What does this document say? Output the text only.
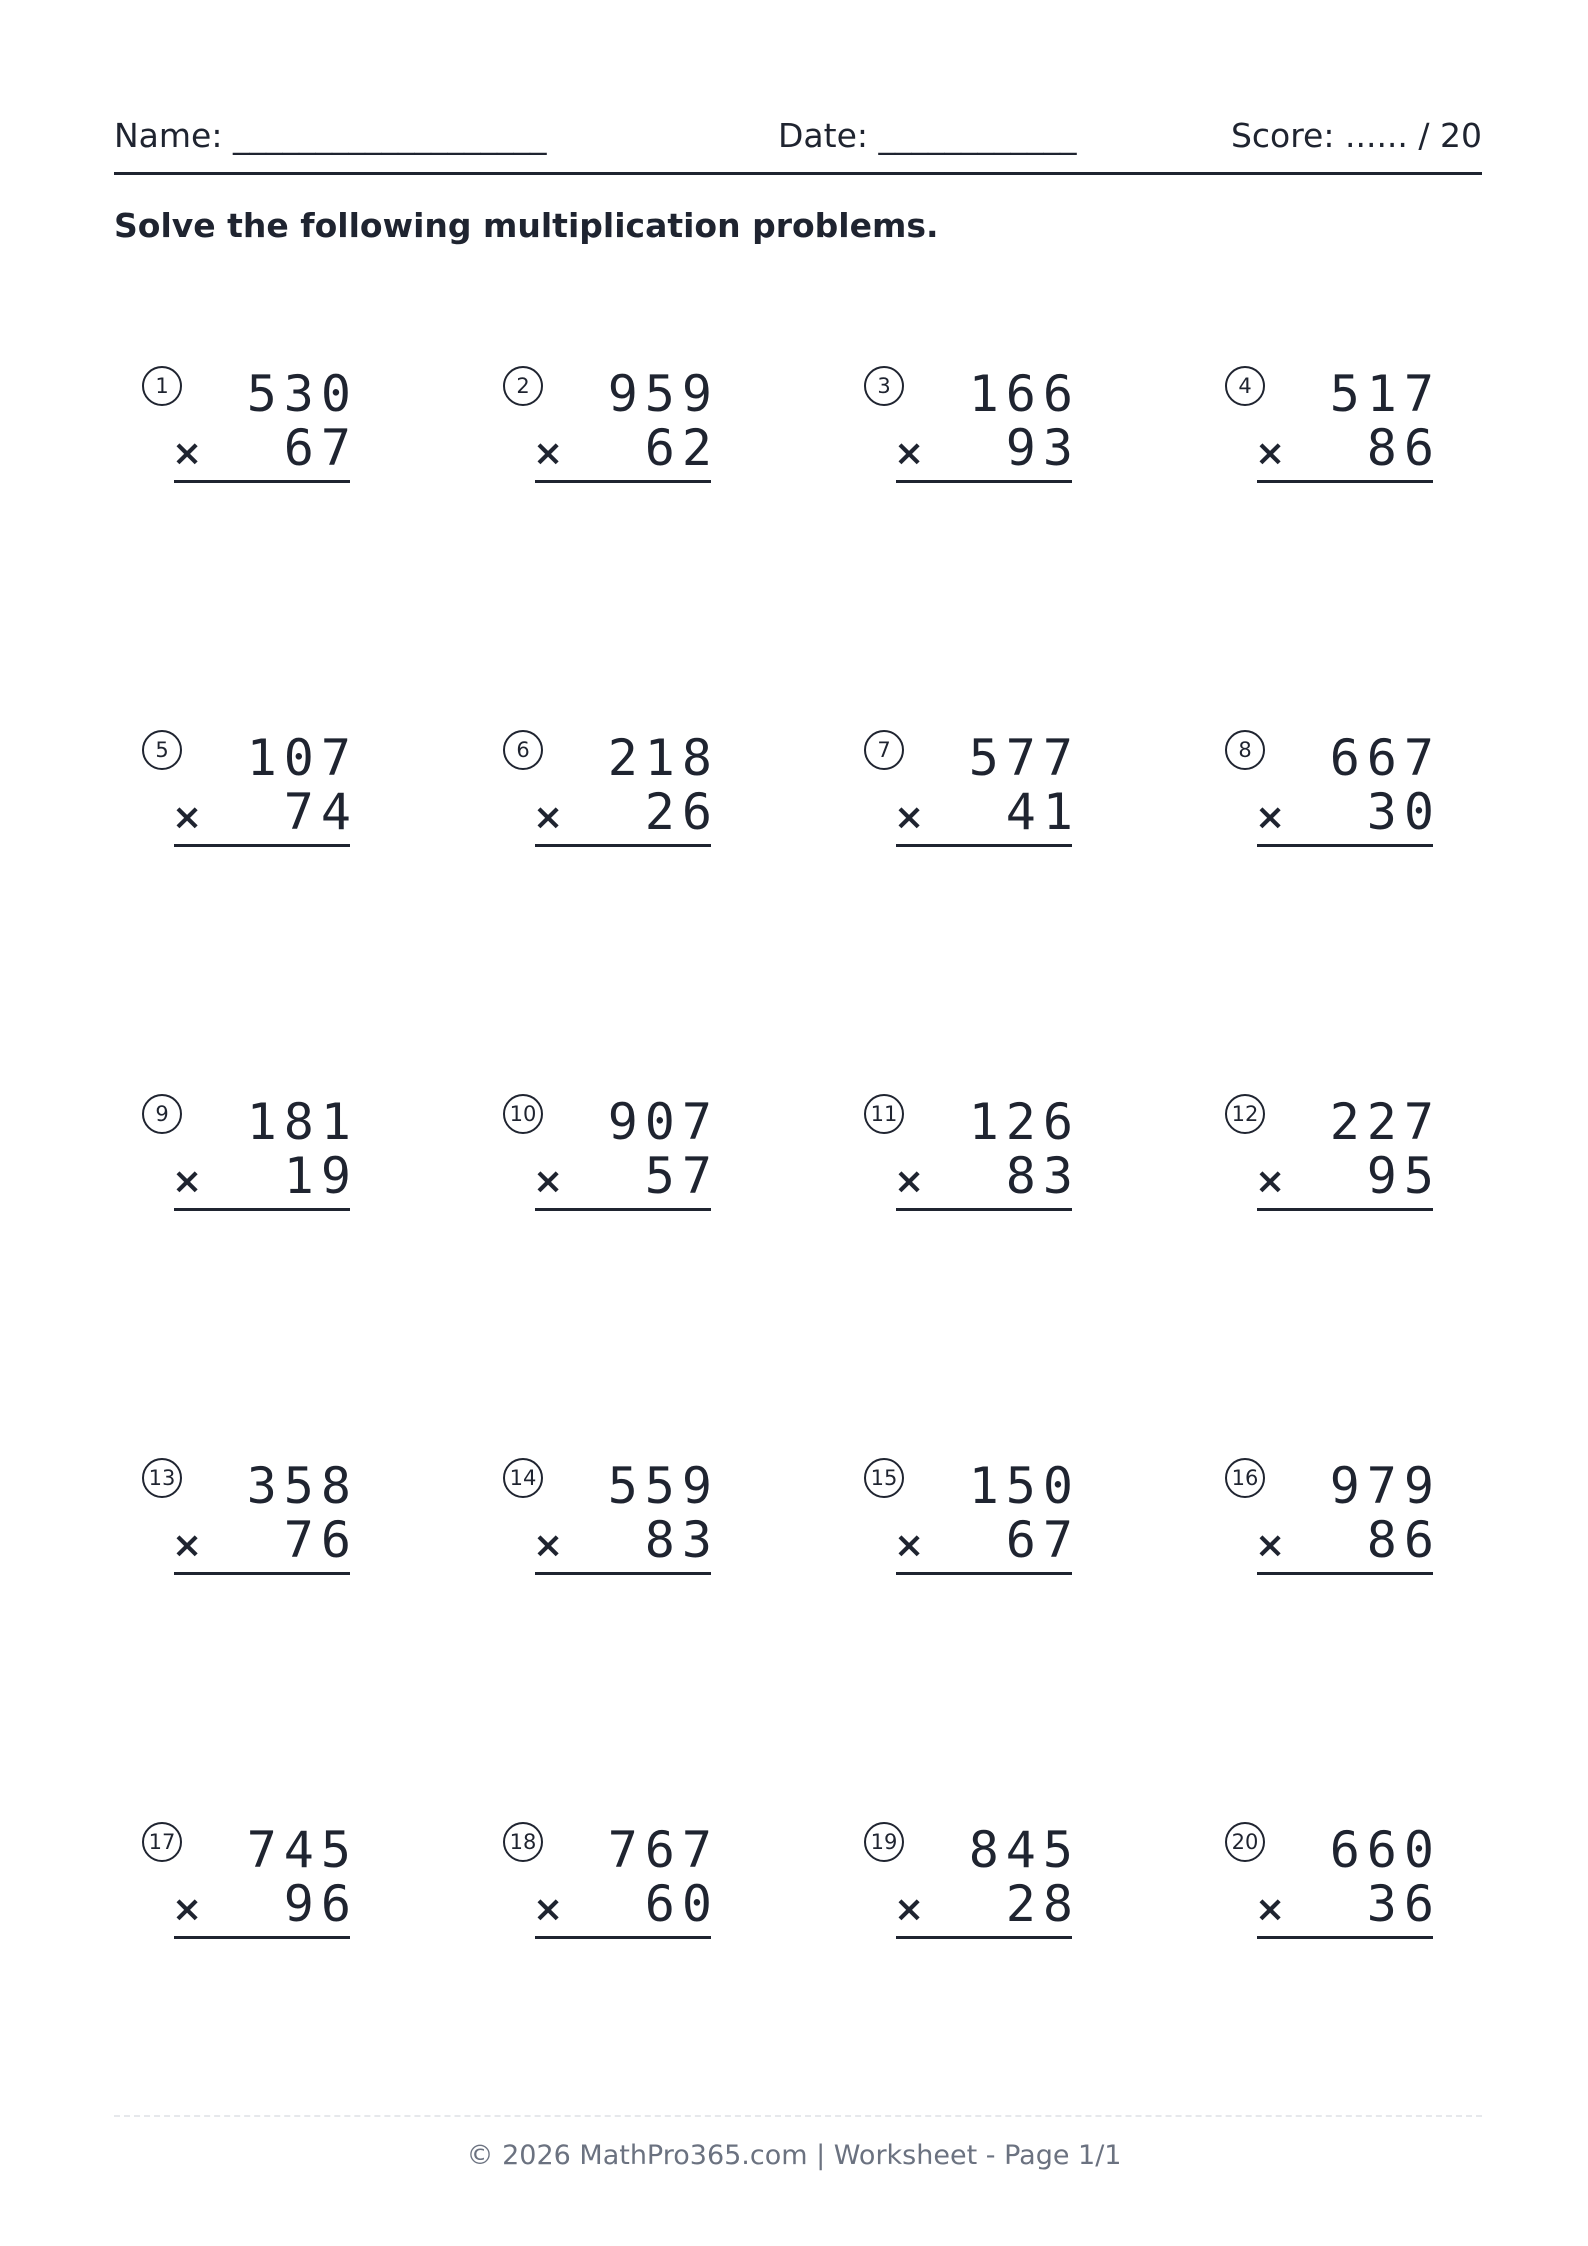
Name: ___________________	Date: ____________	Score: ...... / 20
Solve the following multiplication problems.
1	530
×	67
2	959
×	62
3	166
×	93
4	517
×	86
5	107
×	74
6	218
×	26
7	577
×	41
8	667
×	30
9	181
×	19
10	907
×	57
11	126
×	83
12	227
×	95
13	358
×	76
14	559
×	83
15	150
×	67
16	979
×	86
17	745
×	96
18	767
×	60
19	845
×	28
20	660
×	36
© 2026 MathPro365.com | Worksheet - Page 1/1
